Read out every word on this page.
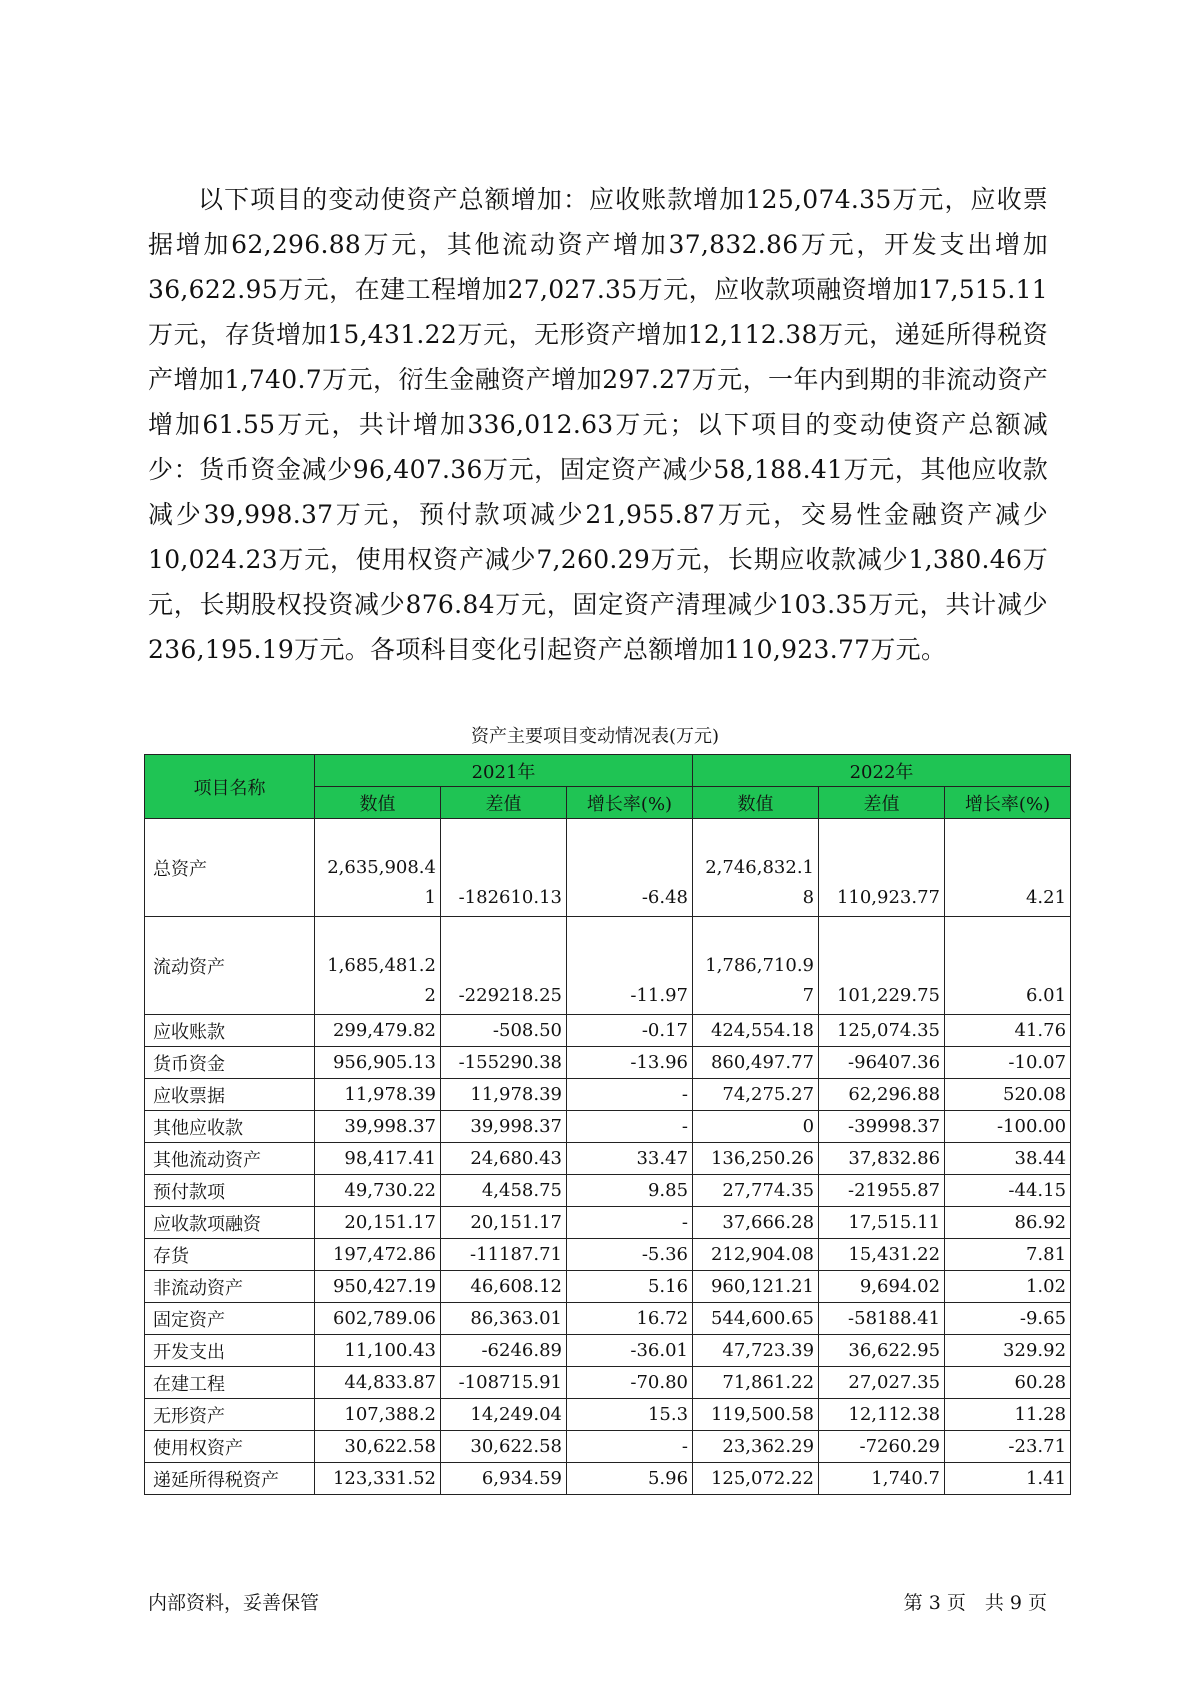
以下项目的变动使资产总额增加：应收账款增加125,074.35万元，应收票据增加62,296.88万元，其他流动资产增加37,832.86万元，开发支出增加36,622.95万元，在建工程增加27,027.35万元，应收款项融资增加17,515.11万元，存货增加15,431.22万元，无形资产增加12,112.38万元，递延所得税资产增加1,740.7万元，衍生金融资产增加297.27万元，一年内到期的非流动资产增加61.55万元，共计增加336,012.63万元；以下项目的变动使资产总额减少：货币资金减少96,407.36万元，固定资产减少58,188.41万元，其他应收款减少39,998.37万元，预付款项减少21,955.87万元，交易性金融资产减少10,024.23万元，使用权资产减少7,260.29万元，长期应收款减少1,380.46万元，长期股权投资减少876.84万元，固定资产清理减少103.35万元，共计减少236,195.19万元。各项科目变化引起资产总额增加110,923.77万元。

资产主要项目变动情况表(万元)
项目名称	2021年			2022年		
	数值	差值	增长率(%)	数值	差值	增长率(%)
总资产	2,635,908.41	-182610.13	-6.48	2,746,832.18	110,923.77	4.21
流动资产	1,685,481.22	-229218.25	-11.97	1,786,710.97	101,229.75	6.01
应收账款	299,479.82	-508.50	-0.17	424,554.18	125,074.35	41.76
货币资金	956,905.13	-155290.38	-13.96	860,497.77	-96407.36	-10.07
应收票据	11,978.39	11,978.39	-	74,275.27	62,296.88	520.08
其他应收款	39,998.37	39,998.37	-	0	-39998.37	-100.00
其他流动资产	98,417.41	24,680.43	33.47	136,250.26	37,832.86	38.44
预付款项	49,730.22	4,458.75	9.85	27,774.35	-21955.87	-44.15
应收款项融资	20,151.17	20,151.17	-	37,666.28	17,515.11	86.92
存货	197,472.86	-11187.71	-5.36	212,904.08	15,431.22	7.81
非流动资产	950,427.19	46,608.12	5.16	960,121.21	9,694.02	1.02
固定资产	602,789.06	86,363.01	16.72	544,600.65	-58188.41	-9.65
开发支出	11,100.43	-6246.89	-36.01	47,723.39	36,622.95	329.92
在建工程	44,833.87	-108715.91	-70.80	71,861.22	27,027.35	60.28
无形资产	107,388.2	14,249.04	15.3	119,500.58	12,112.38	11.28
使用权资产	30,622.58	30,622.58	-	23,362.29	-7260.29	-23.71
递延所得税资产	123,331.52	6,934.59	5.96	125,072.22	1,740.7	1.41
内部资料，妥善保管	第 3 页　共 9 页
